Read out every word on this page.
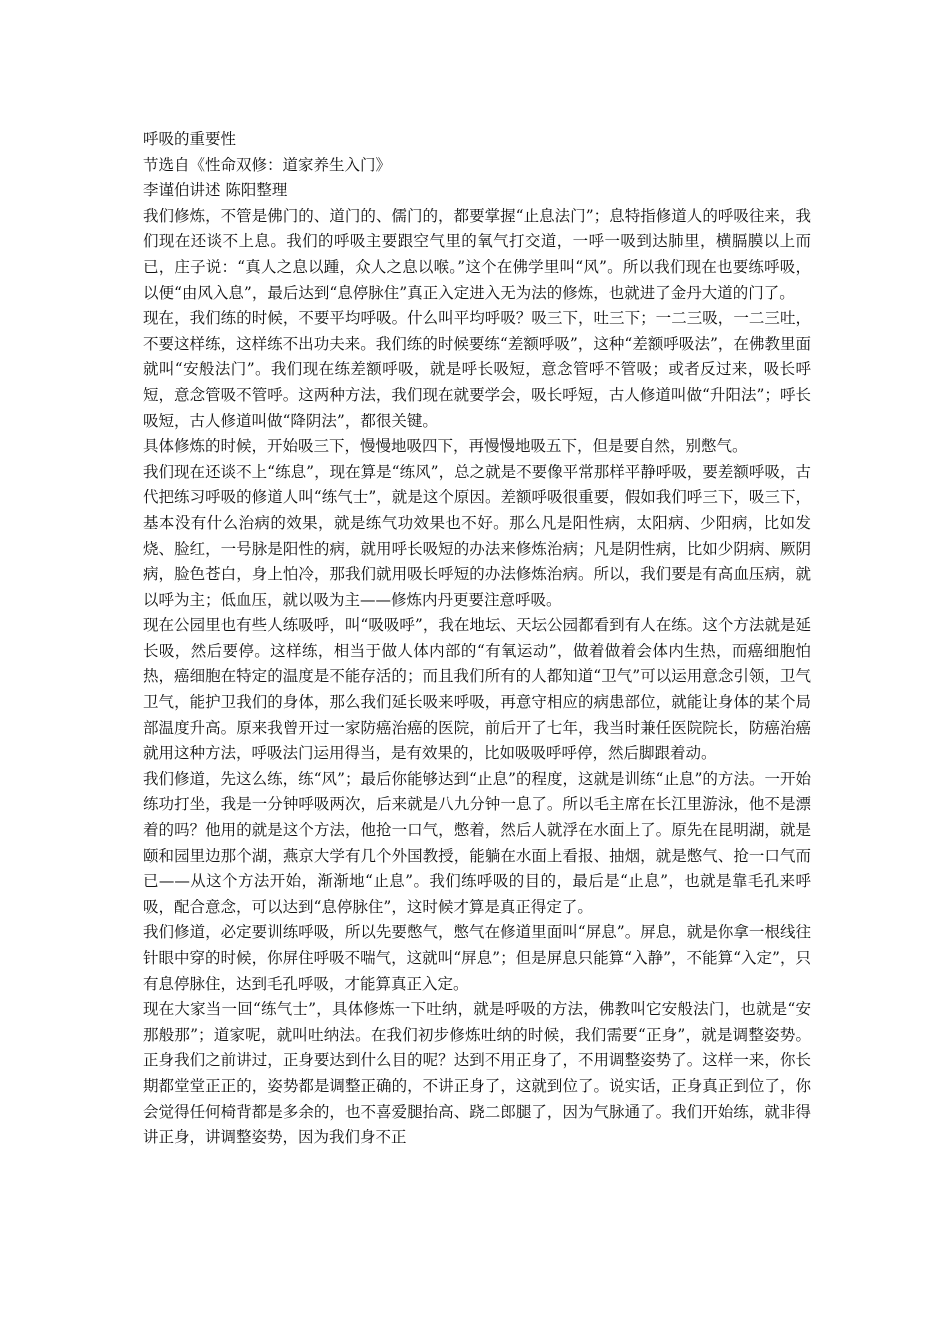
呼吸的重要性

节选自《性命双修：道家养生入门》

李谨伯讲述 陈阳整理

我们修炼，不管是佛门的、道门的、儒门的，都要掌握“止息法门”；息特指修道人的呼吸往来，我们现在还谈不上息。我们的呼吸主要跟空气里的氧气打交道，一呼一吸到达肺里，横膈膜以上而已，庄子说：“真人之息以踵，众人之息以喉。”这个在佛学里叫“风”。所以我们现在也要练呼吸，以便“由风入息”，最后达到“息停脉住”真正入定进入无为法的修炼，也就进了金丹大道的门了。

现在，我们练的时候，不要平均呼吸。什么叫平均呼吸？吸三下，吐三下；一二三吸，一二三吐，不要这样练，这样练不出功夫来。我们练的时候要练“差额呼吸”，这种“差额呼吸法”，在佛教里面就叫“安般法门”。我们现在练差额呼吸，就是呼长吸短，意念管呼不管吸；或者反过来，吸长呼短，意念管吸不管呼。这两种方法，我们现在就要学会，吸长呼短，古人修道叫做“升阳法”；呼长吸短，古人修道叫做“降阴法”，都很关键。

具体修炼的时候，开始吸三下，慢慢地吸四下，再慢慢地吸五下，但是要自然，别憋气。

我们现在还谈不上“练息”，现在算是“练风”，总之就是不要像平常那样平静呼吸，要差额呼吸，古代把练习呼吸的修道人叫“练气士”，就是这个原因。差额呼吸很重要，假如我们呼三下，吸三下，基本没有什么治病的效果，就是练气功效果也不好。那么凡是阳性病，太阳病、少阳病，比如发烧、脸红，一号脉是阳性的病，就用呼长吸短的办法来修炼治病；凡是阴性病，比如少阴病、厥阴病，脸色苍白，身上怕冷，那我们就用吸长呼短的办法修炼治病。所以，我们要是有高血压病，就以呼为主；低血压，就以吸为主——修炼内丹更要注意呼吸。

现在公园里也有些人练吸呼，叫“吸吸呼”，我在地坛、天坛公园都看到有人在练。这个方法就是延长吸，然后要停。这样练，相当于做人体内部的“有氧运动”，做着做着会体内生热，而癌细胞怕热，癌细胞在特定的温度是不能存活的；而且我们所有的人都知道“卫气”可以运用意念引领，卫气卫气，能护卫我们的身体，那么我们延长吸来呼吸，再意守相应的病患部位，就能让身体的某个局部温度升高。原来我曾开过一家防癌治癌的医院，前后开了七年，我当时兼任医院院长，防癌治癌就用这种方法，呼吸法门运用得当，是有效果的，比如吸吸呼呼停，然后脚跟着动。

我们修道，先这么练，练“风”；最后你能够达到“止息”的程度，这就是训练“止息”的方法。一开始练功打坐，我是一分钟呼吸两次，后来就是八九分钟一息了。所以毛主席在长江里游泳，他不是漂着的吗？他用的就是这个方法，他抢一口气，憋着，然后人就浮在水面上了。原先在昆明湖，就是颐和园里边那个湖，燕京大学有几个外国教授，能躺在水面上看报、抽烟，就是憋气、抢一口气而已——从这个方法开始，渐渐地“止息”。我们练呼吸的目的，最后是“止息”，也就是靠毛孔来呼吸，配合意念，可以达到“息停脉住”，这时候才算是真正得定了。

我们修道，必定要训练呼吸，所以先要憋气，憋气在修道里面叫“屏息”。屏息，就是你拿一根线往针眼中穿的时候，你屏住呼吸不喘气，这就叫“屏息”；但是屏息只能算“入静”，不能算“入定”，只有息停脉住，达到毛孔呼吸，才能算真正入定。

现在大家当一回“练气士”，具体修炼一下吐纳，就是呼吸的方法，佛教叫它安般法门，也就是“安那般那”；道家呢，就叫吐纳法。在我们初步修炼吐纳的时候，我们需要“正身”，就是调整姿势。正身我们之前讲过，正身要达到什么目的呢？达到不用正身了，不用调整姿势了。这样一来，你长期都堂堂正正的，姿势都是调整正确的，不讲正身了，这就到位了。说实话，正身真正到位了，你会觉得任何椅背都是多余的，也不喜爱腿抬高、跷二郎腿了，因为气脉通了。我们开始练，就非得讲正身，讲调整姿势，因为我们身不正
